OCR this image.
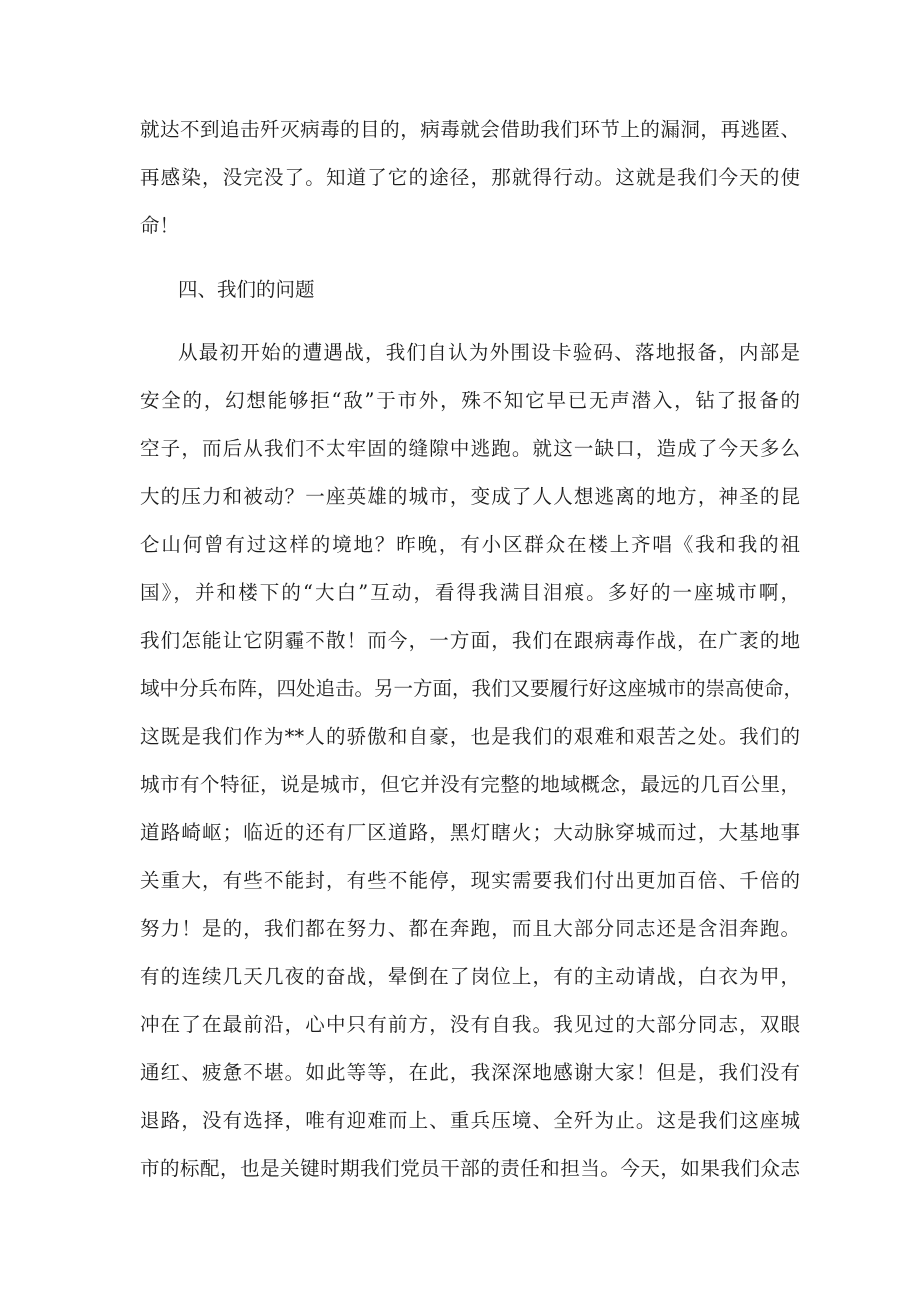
就达不到追击歼灭病毒的目的，病毒就会借助我们环节上的漏洞，再逃匿、
再感染，没完没了。知道了它的途径，那就得行动。这就是我们今天的使
命！
四、我们的问题
从最初开始的遭遇战，我们自认为外围设卡验码、落地报备，内部是
安全的，幻想能够拒“敌”于市外，殊不知它早已无声潜入，钻了报备的
空子，而后从我们不太牢固的缝隙中逃跑。就这一缺口，造成了今天多么
大的压力和被动？一座英雄的城市，变成了人人想逃离的地方，神圣的昆
仑山何曾有过这样的境地？昨晚，有小区群众在楼上齐唱《我和我的祖
国》，并和楼下的“大白”互动，看得我满目泪痕。多好的一座城市啊，
我们怎能让它阴霾不散！而今，一方面，我们在跟病毒作战，在广袤的地
域中分兵布阵，四处追击。另一方面，我们又要履行好这座城市的崇高使命，
这既是我们作为**人的骄傲和自豪，也是我们的艰难和艰苦之处。我们的
城市有个特征，说是城市，但它并没有完整的地域概念，最远的几百公里，
道路崎岖；临近的还有厂区道路，黑灯瞎火；大动脉穿城而过，大基地事
关重大，有些不能封，有些不能停，现实需要我们付出更加百倍、千倍的
努力！是的，我们都在努力、都在奔跑，而且大部分同志还是含泪奔跑。
有的连续几天几夜的奋战，晕倒在了岗位上，有的主动请战，白衣为甲，
冲在了在最前沿，心中只有前方，没有自我。我见过的大部分同志，双眼
通红、疲惫不堪。如此等等，在此，我深深地感谢大家！但是，我们没有
退路，没有选择，唯有迎难而上、重兵压境、全歼为止。这是我们这座城
市的标配，也是关键时期我们党员干部的责任和担当。今天，如果我们众志
